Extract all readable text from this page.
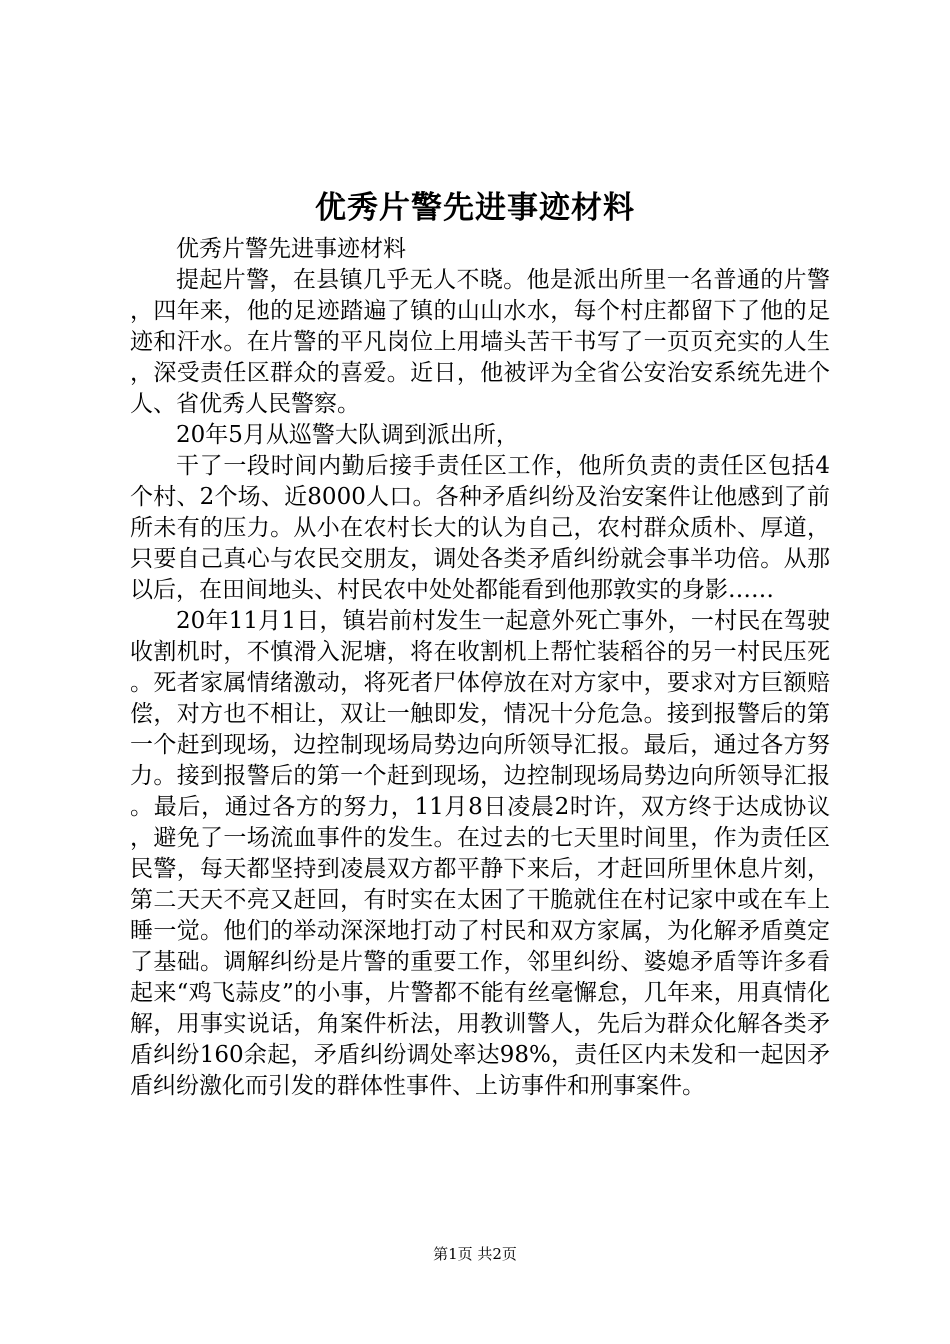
优秀片警先进事迹材料

优秀片警先进事迹材料

提起片警，在县镇几乎无人不晓。他是派出所里一名普通的片警，四年来，他的足迹踏遍了镇的山山水水，每个村庄都留下了他的足迹和汗水。在片警的平凡岗位上用墙头苦干书写了一页页充实的人生，深受责任区群众的喜爱。近日，他被评为全省公安治安系统先进个人、省优秀人民警察。

20年5月从巡警大队调到派出所，

干了一段时间内勤后接手责任区工作，他所负责的责任区包括4个村、2个场、近8000人口。各种矛盾纠纷及治安案件让他感到了前所未有的压力。从小在农村长大的认为自己，农村群众质朴、厚道，只要自己真心与农民交朋友，调处各类矛盾纠纷就会事半功倍。从那以后，在田间地头、村民农中处处都能看到他那敦实的身影……

20年11月1日，镇岩前村发生一起意外死亡事外，一村民在驾驶收割机时，不慎滑入泥塘，将在收割机上帮忙装稻谷的另一村民压死。死者家属情绪激动，将死者尸体停放在对方家中，要求对方巨额赔偿，对方也不相让，双让一触即发，情况十分危急。接到报警后的第一个赶到现场，边控制现场局势边向所领导汇报。最后，通过各方努力。接到报警后的第一个赶到现场，边控制现场局势边向所领导汇报。最后，通过各方的努力，11月8日凌晨2时许，双方终于达成协议，避免了一场流血事件的发生。在过去的七天里时间里，作为责任区民警，每天都坚持到凌晨双方都平静下来后，才赶回所里休息片刻，第二天天不亮又赶回，有时实在太困了干脆就住在村记家中或在车上睡一觉。他们的举动深深地打动了村民和双方家属，为化解矛盾奠定了基础。调解纠纷是片警的重要工作，邻里纠纷、婆媳矛盾等许多看起来“鸡飞蒜皮”的小事，片警都不能有丝毫懈怠，几年来，用真情化解，用事实说话，角案件析法，用教训警人，先后为群众化解各类矛盾纠纷160余起，矛盾纠纷调处率达98%，责任区内未发和一起因矛盾纠纷激化而引发的群体性事件、上访事件和刑事案件。

第1页 共2页
